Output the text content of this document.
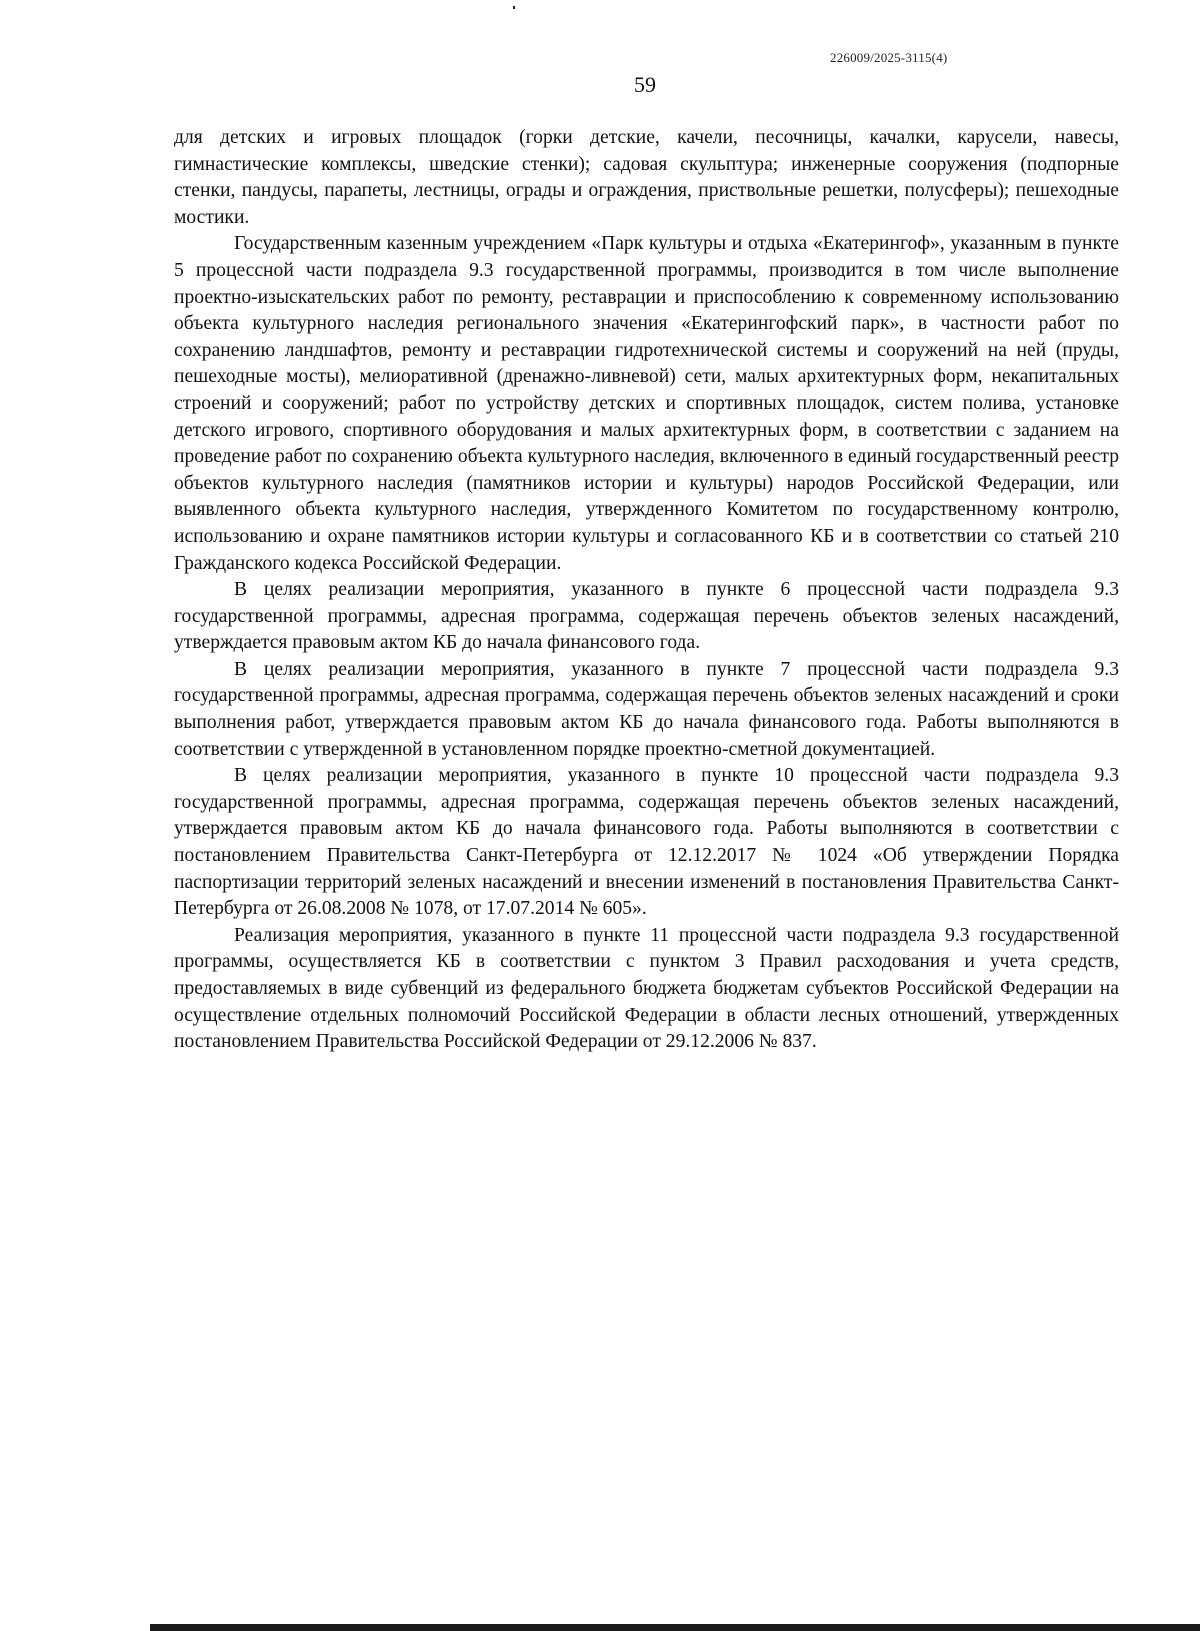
226009/2025-3115(4)
59

для детских и игровых площадок (горки детские, качели, песочницы, качалки, карусели, навесы, гимнастические комплексы, шведские стенки); садовая скульптура; инженерные сооружения (подпорные стенки, пандусы, парапеты, лестницы, ограды и ограждения, приствольные решетки, полусферы); пешеходные мостики.

Государственным казенным учреждением «Парк культуры и отдыха «Екатерингоф», указанным в пункте 5 процессной части подраздела 9.3 государственной программы, производится в том числе выполнение проектно-изыскательских работ по ремонту, реставрации и приспособлению к современному использованию объекта культурного наследия регионального значения «Екатерингофский парк», в частности работ по сохранению ландшафтов, ремонту и реставрации гидротехнической системы и сооружений на ней (пруды, пешеходные мосты), мелиоративной (дренажно-ливневой) сети, малых архитектурных форм, некапитальных строений и сооружений; работ по устройству детских и спортивных площадок, систем полива, установке детского игрового, спортивного оборудования и малых архитектурных форм, в соответствии с заданием на проведение работ по сохранению объекта культурного наследия, включенного в единый государственный реестр объектов культурного наследия (памятников истории и культуры) народов Российской Федерации, или выявленного объекта культурного наследия, утвержденного Комитетом по государственному контролю, использованию и охране памятников истории культуры и согласованного КБ и в соответствии со статьей 210 Гражданского кодекса Российской Федерации.

В целях реализации мероприятия, указанного в пункте 6 процессной части подраздела 9.3 государственной программы, адресная программа, содержащая перечень объектов зеленых насаждений, утверждается правовым актом КБ до начала финансового года.

В целях реализации мероприятия, указанного в пункте 7 процессной части подраздела 9.3 государственной программы, адресная программа, содержащая перечень объектов зеленых насаждений и сроки выполнения работ, утверждается правовым актом КБ до начала финансового года. Работы выполняются в соответствии с утвержденной в установленном порядке проектно-сметной документацией.

В целях реализации мероприятия, указанного в пункте 10 процессной части подраздела 9.3 государственной программы, адресная программа, содержащая перечень объектов зеленых насаждений, утверждается правовым актом КБ до начала финансового года. Работы выполняются в соответствии с постановлением Правительства Санкт-Петербурга от 12.12.2017 № 1024 «Об утверждении Порядка паспортизации территорий зеленых насаждений и внесении изменений в постановления Правительства Санкт-Петербурга от 26.08.2008 № 1078, от 17.07.2014 № 605».

Реализация мероприятия, указанного в пункте 11 процессной части подраздела 9.3 государственной программы, осуществляется КБ в соответствии с пунктом 3 Правил расходования и учета средств, предоставляемых в виде субвенций из федерального бюджета бюджетам субъектов Российской Федерации на осуществление отдельных полномочий Российской Федерации в области лесных отношений, утвержденных постановлением Правительства Российской Федерации от 29.12.2006 № 837.
